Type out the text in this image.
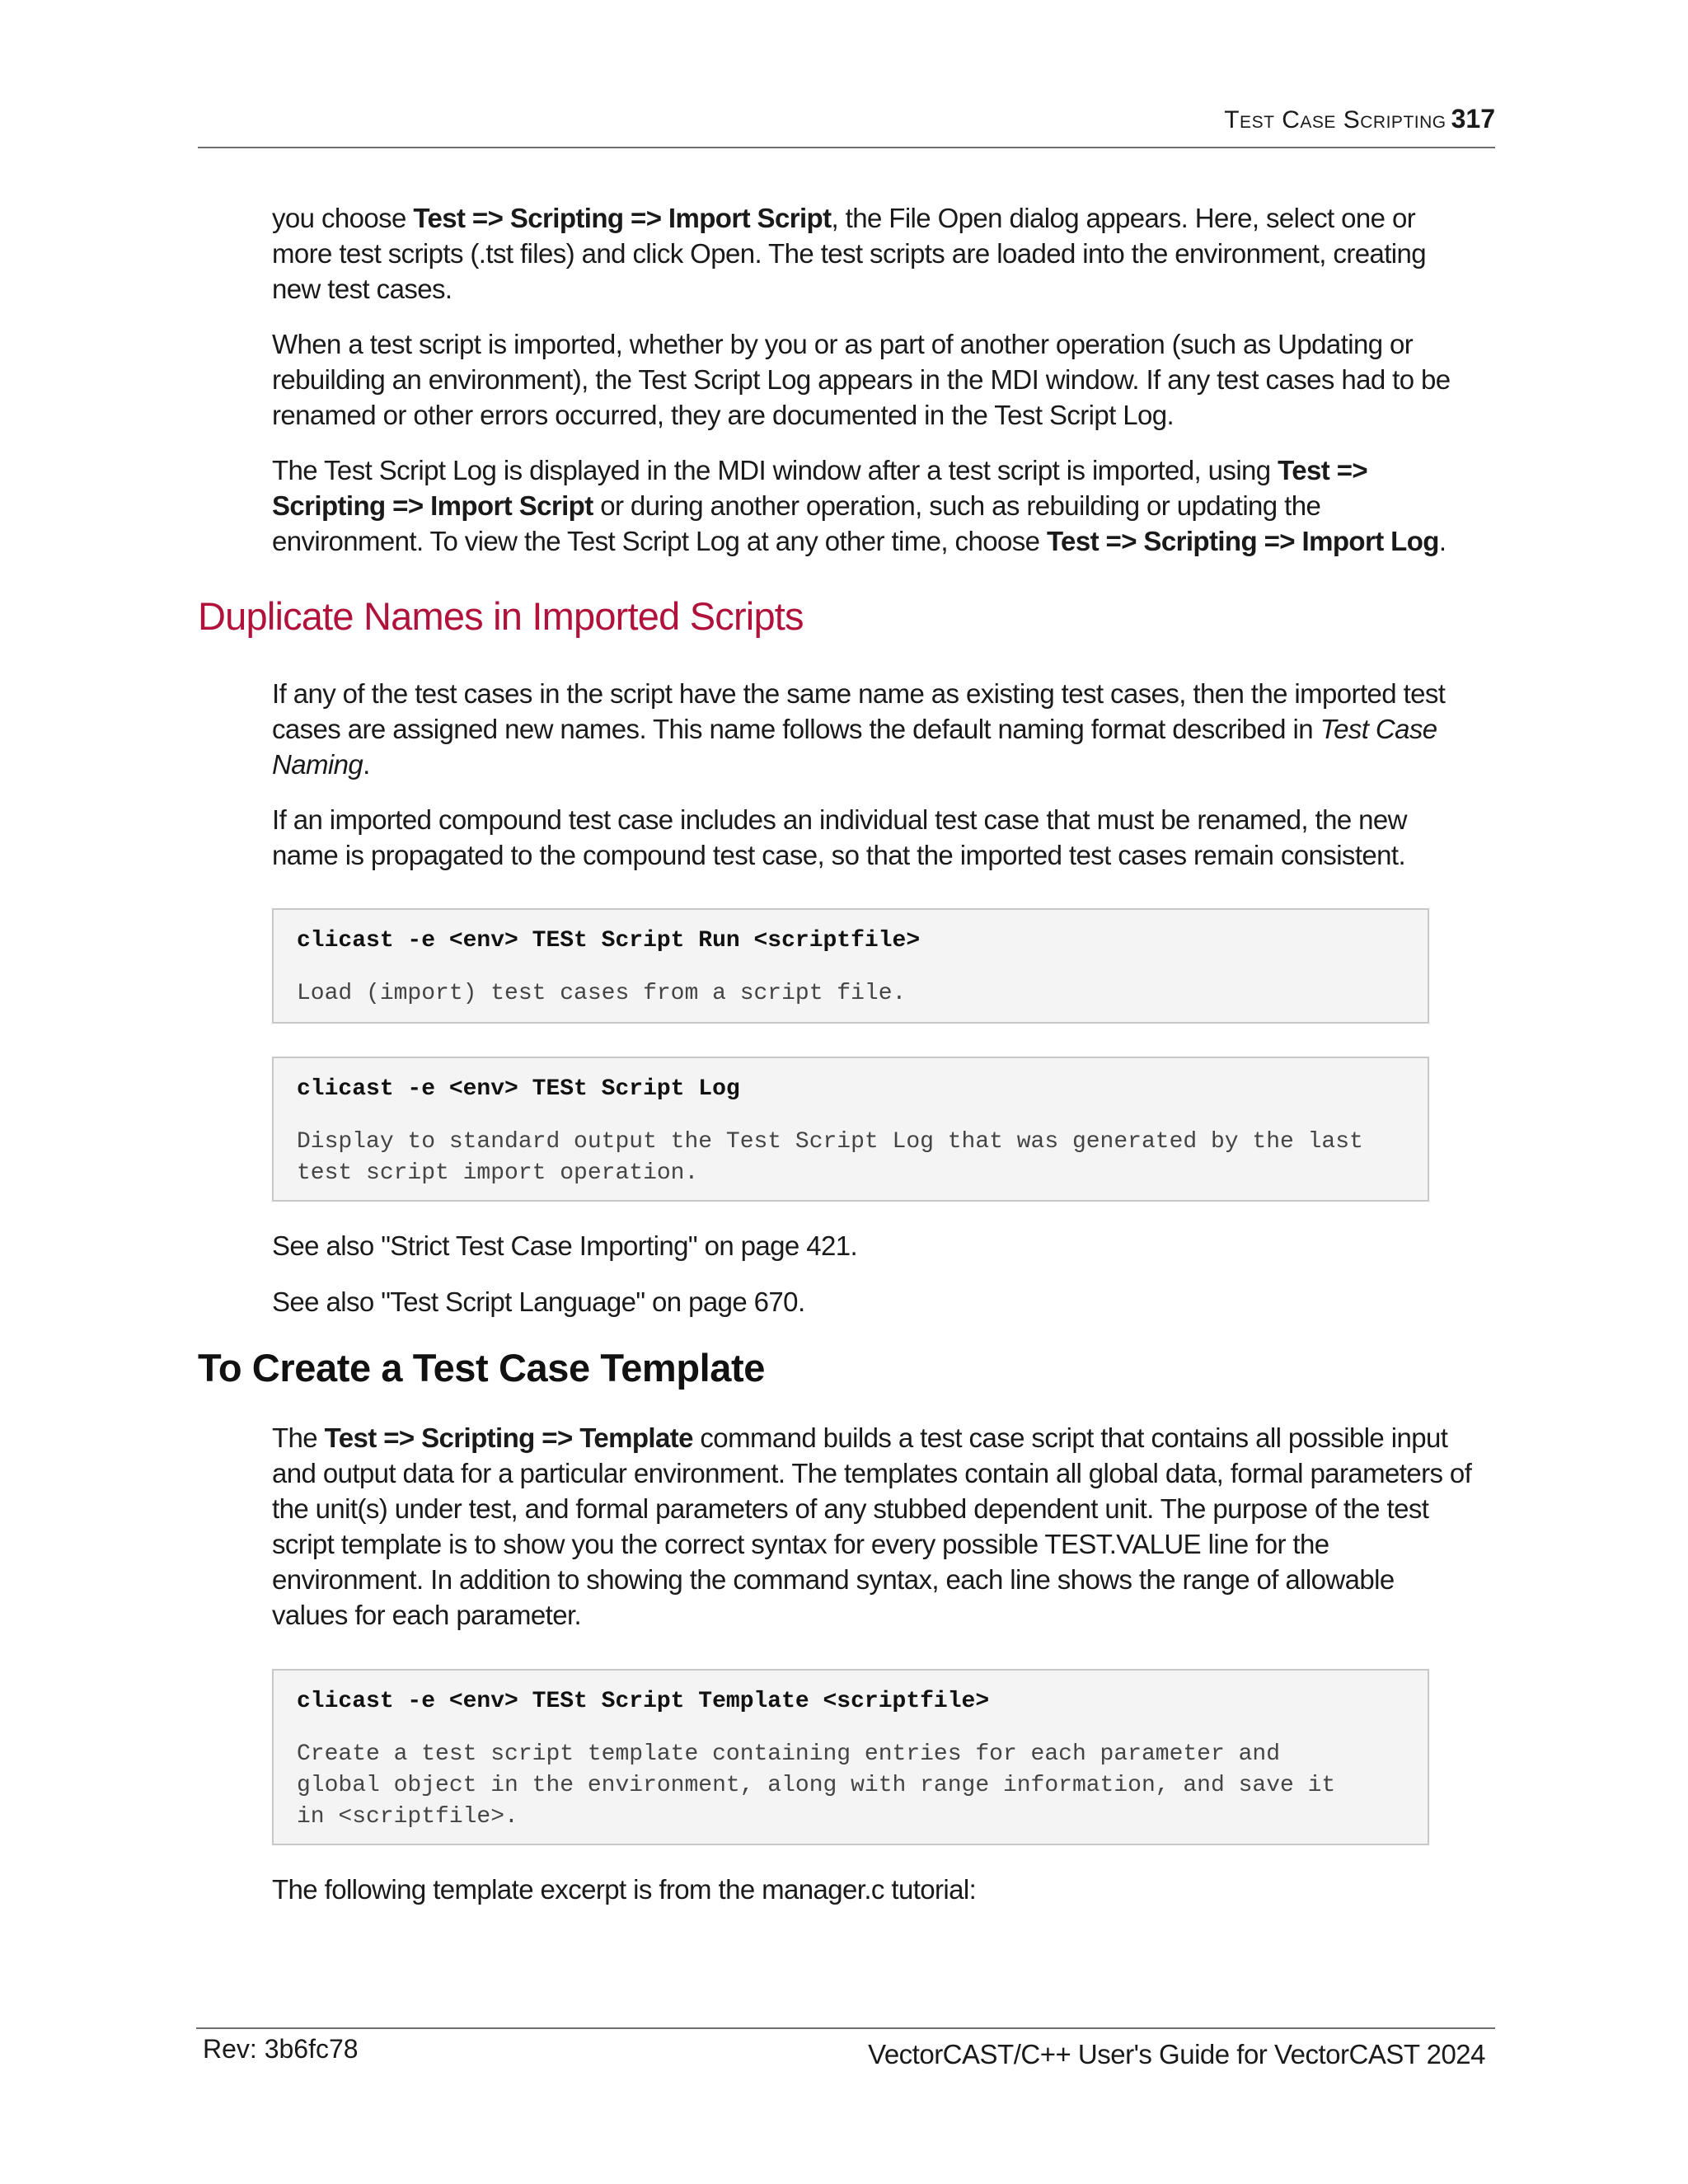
Test Case Scripting 317

you choose Test => Scripting => Import Script, the File Open dialog appears. Here, select one or

more test scripts (.tst files) and click Open. The test scripts are loaded into the environment, creating

new test cases.

When a test script is imported, whether by you or as part of another operation (such as Updating or

rebuilding an environment), the Test Script Log appears in the MDI window. If any test cases had to be

renamed or other errors occurred, they are documented in the Test Script Log.

The Test Script Log is displayed in the MDI window after a test script is imported, using Test =>

Scripting => Import Script or during another operation, such as rebuilding or updating the

environment. To view the Test Script Log at any other time, choose Test => Scripting => Import Log.

Duplicate Names in Imported Scripts

If any of the test cases in the script have the same name as existing test cases, then the imported test

cases are assigned new names. This name follows the default naming format described in Test Case

Naming.

If an imported compound test case includes an individual test case that must be renamed, the new

name is propagated to the compound test case, so that the imported test cases remain consistent.

clicast -e <env> TESt Script Run <scriptfile>
Load (import) test cases from a script file.
clicast -e <env> TESt Script Log
Display to standard output the Test Script Log that was generated by the last
test script import operation.

See also "Strict Test Case Importing" on page 421.

See also "Test Script Language" on page 670.

To Create a Test Case Template

The Test => Scripting => Template command builds a test case script that contains all possible input

and output data for a particular environment. The templates contain all global data, formal parameters of

the unit(s) under test, and formal parameters of any stubbed dependent unit. The purpose of the test

script template is to show you the correct syntax for every possible TEST.VALUE line for the

environment. In addition to showing the command syntax, each line shows the range of allowable

values for each parameter.

clicast -e <env> TESt Script Template <scriptfile>
Create a test script template containing entries for each parameter and
global object in the environment, along with range information, and save it
in <scriptfile>.

The following template excerpt is from the manager.c tutorial:

Rev: 3b6fc78	VectorCAST/C++ User's Guide for VectorCAST 2024
